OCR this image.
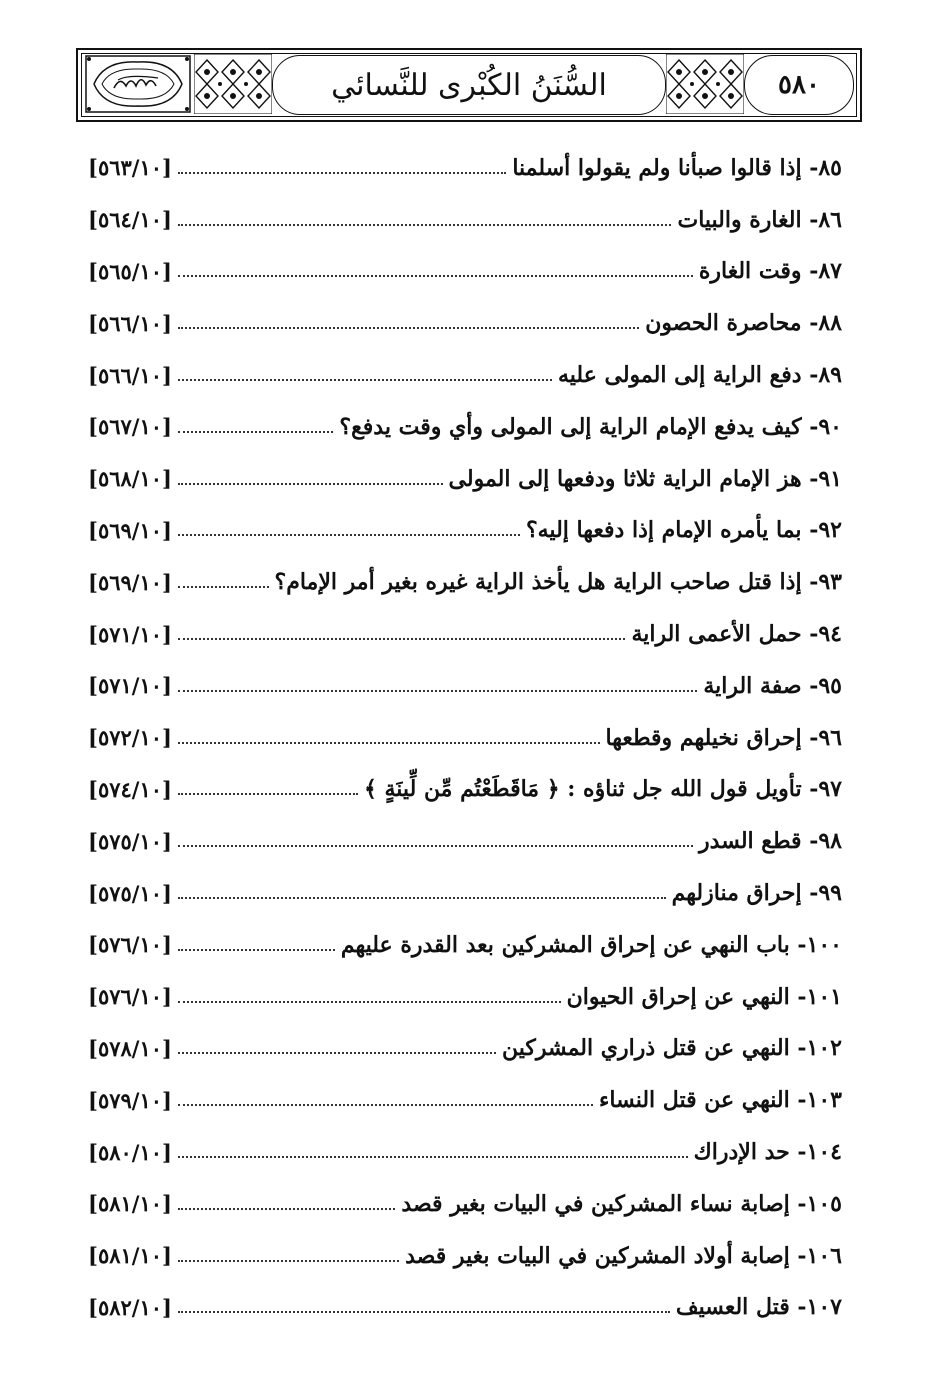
السُّنَنُ الكُبْرى للنَّسائي	٥٨٠
٨٥- إذا قالوا صبأنا ولم يقولوا أسلمنا
[٥٦٣/١٠]
٨٦- الغارة والبيات
[٥٦٤/١٠]
٨٧- وقت الغارة
[٥٦٥/١٠]
٨٨- محاصرة الحصون
[٥٦٦/١٠]
٨٩- دفع الراية إلى المولى عليه
[٥٦٦/١٠]
٩٠- كيف يدفع الإمام الراية إلى المولى وأي وقت يدفع؟
[٥٦٧/١٠]
٩١- هز الإمام الراية ثلاثا ودفعها إلى المولى
[٥٦٨/١٠]
٩٢- بما يأمره الإمام إذا دفعها إليه؟
[٥٦٩/١٠]
٩٣- إذا قتل صاحب الراية هل يأخذ الراية غيره بغير أمر الإمام؟
[٥٦٩/١٠]
٩٤- حمل الأعمى الراية
[٥٧١/١٠]
٩٥- صفة الراية
[٥٧١/١٠]
٩٦- إحراق نخيلهم وقطعها
[٥٧٢/١٠]
٩٧- تأويل قول الله جل ثناؤه : ﴿ مَاقَطَعْتُم مِّن لِّينَةٍ ﴾
[٥٧٤/١٠]
٩٨- قطع السدر
[٥٧٥/١٠]
٩٩- إحراق منازلهم
[٥٧٥/١٠]
١٠٠- باب النهي عن إحراق المشركين بعد القدرة عليهم
[٥٧٦/١٠]
١٠١- النهي عن إحراق الحيوان
[٥٧٦/١٠]
١٠٢- النهي عن قتل ذراري المشركين
[٥٧٨/١٠]
١٠٣- النهي عن قتل النساء
[٥٧٩/١٠]
١٠٤- حد الإدراك
[٥٨٠/١٠]
١٠٥- إصابة نساء المشركين في البيات بغير قصد
[٥٨١/١٠]
١٠٦- إصابة أولاد المشركين في البيات بغير قصد
[٥٨١/١٠]
١٠٧- قتل العسيف
[٥٨٢/١٠]
